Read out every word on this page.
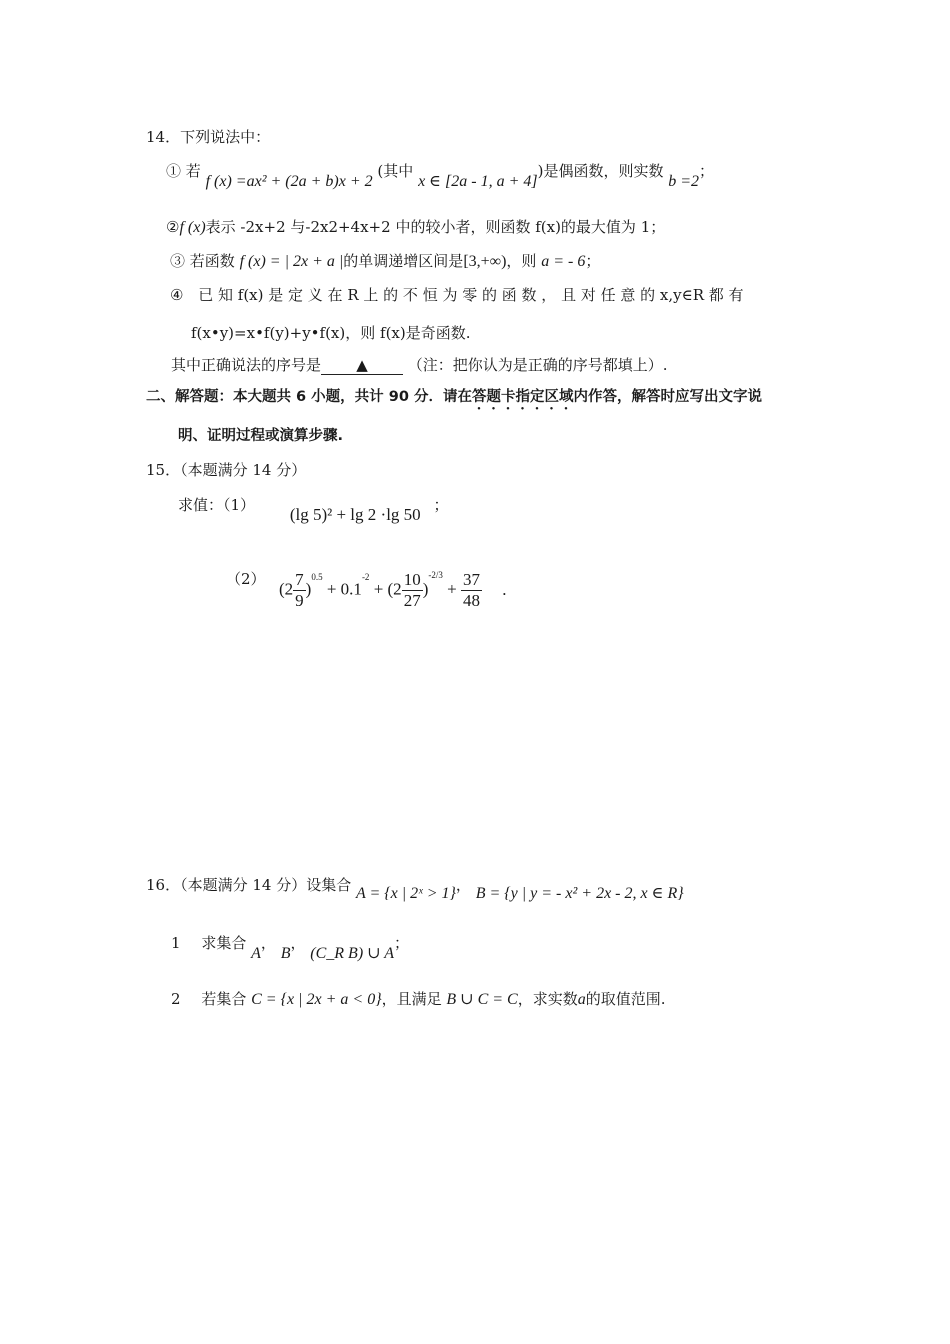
14．下列说法中：
① 若 f (x) =ax² + (2a + b)x + 2 (其中 x ∈ [2a - 1, a + 4])是偶函数，则实数 b =2；
②f (x)表示 -2x+2 与-2x2+4x+2 中的较小者，则函数 f(x)的最大值为 1；
③ 若函数 f (x) = | 2x + a |的单调递增区间是[3,+∞)，则 a = - 6；
④ 已 知 f(x) 是 定 义 在 R 上 的 不 恒 为 零 的 函 数 ， 且 对 任 意 的 x,y∈R 都 有
f(x•y)=x•f(y)+y•f(x)，则 f(x)是奇函数.
其中正确说法的序号是 ▲	（注：把你认为是正确的序号都填上）.
二、解答题：本大题共 6 小题，共计 90 分．请在答题卡指定区域内作答，解答时应写出文字说
明、证明过程或演算步骤.
15．（本题满分 14 分）
求值：（1） (lg 5)² + lg 2 ·lg 50 ；
（2）
$(2 \frac{7}{9} )^{0.5} + 0.1^{-2} + (2 \frac{10}{27} )^{-2/3} + \frac{37}{48}$ .
16．（本题满分 14 分）设集合 A = {x | 2ˣ > 1}， B = {y | y = - x² + 2x - 2, x ∈ R}
1 求集合 A， B， (C_R B) ∪ A；
2 若集合 C = {x | 2x + a < 0}，且满足 B ∪ C = C，求实数a的取值范围.
